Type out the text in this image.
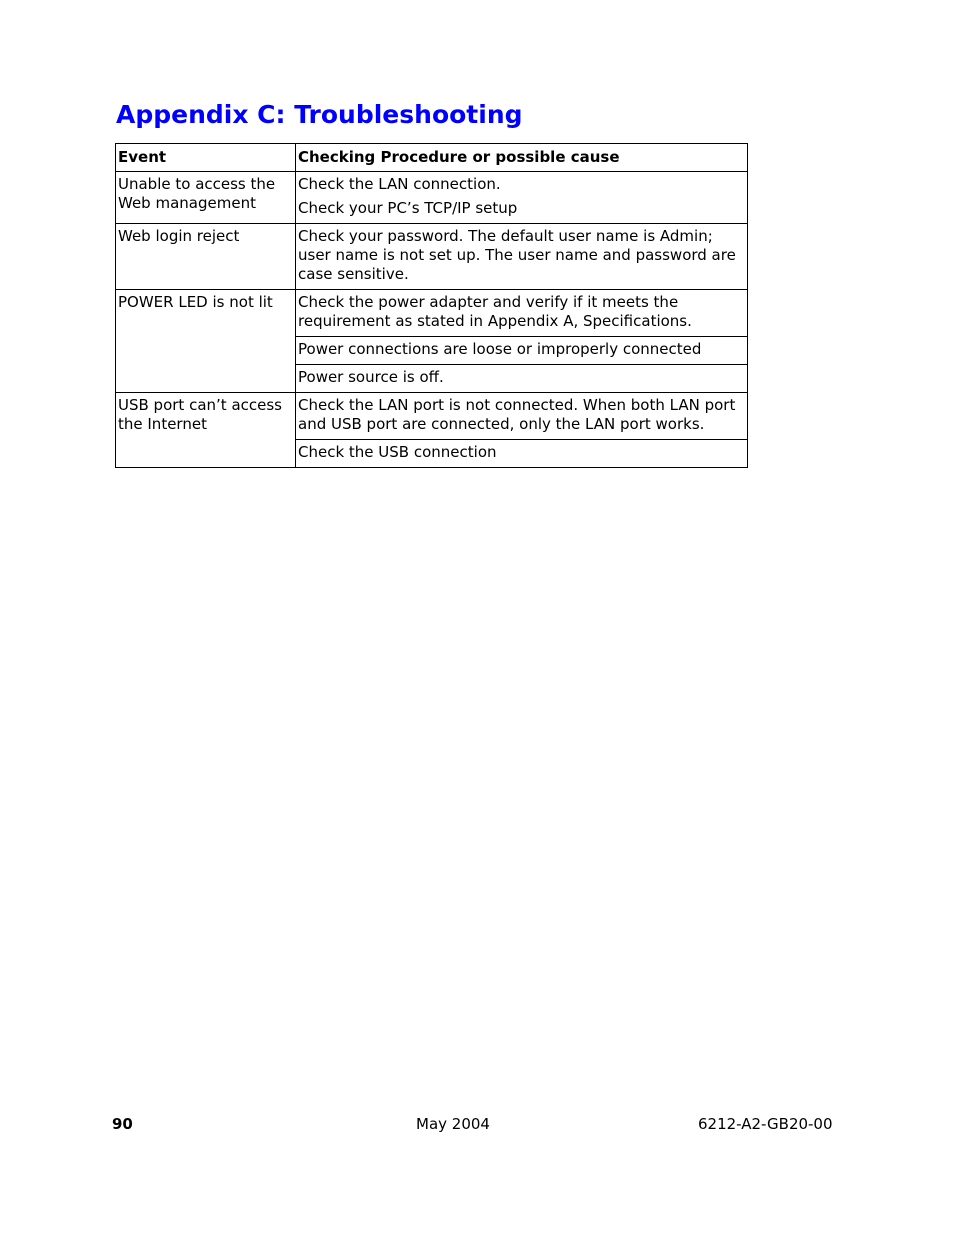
Appendix C: Troubleshooting
Event	Checking Procedure or possible cause
Unable to access the Web management	Check the LAN connection.
Check your PC’s TCP/IP setup

Web login reject	Check your password. The default user name is Admin; user name is not set up. The user name and password are case sensitive.
POWER LED is not lit	Check the power adapter and verify if it meets the requirement as stated in Appendix A, Specifications.
	Power connections are loose or improperly connected
	Power source is off.
USB port can’t access the Internet	Check the LAN port is not connected. When both LAN port and USB port are connected, only the LAN port works.
	Check the USB connection
90	May 2004	6212-A2-GB20-00
